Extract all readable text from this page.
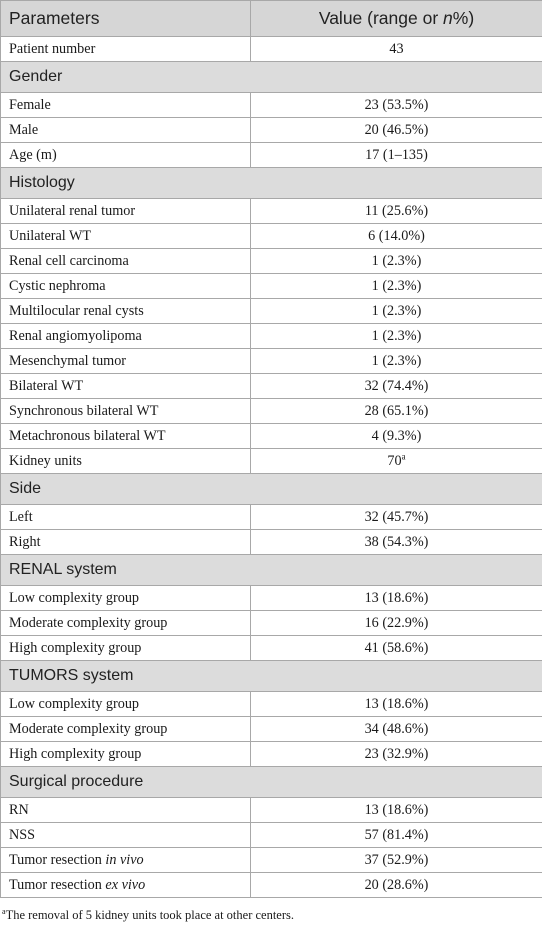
Parameters	Value (range or n%)
Patient number	43
Gender	
Female	23 (53.5%)
Male	20 (46.5%)
Age (m)	17 (1–135)
Histology	
Unilateral renal tumor	11 (25.6%)
Unilateral WT	6 (14.0%)
Renal cell carcinoma	1 (2.3%)
Cystic nephroma	1 (2.3%)
Multilocular renal cysts	1 (2.3%)
Renal angiomyolipoma	1 (2.3%)
Mesenchymal tumor	1 (2.3%)
Bilateral WT	32 (74.4%)
Synchronous bilateral WT	28 (65.1%)
Metachronous bilateral WT	4 (9.3%)
Kidney units	70$^a$
Side	
Left	32 (45.7%)
Right	38 (54.3%)
RENAL system	
Low complexity group	13 (18.6%)
Moderate complexity group	16 (22.9%)
High complexity group	41 (58.6%)
TUMORS system	
Low complexity group	13 (18.6%)
Moderate complexity group	34 (48.6%)
High complexity group	23 (32.9%)
Surgical procedure	
RN	13 (18.6%)
NSS	57 (81.4%)
Tumor resection in vivo	37 (52.9%)
Tumor resection ex vivo	20 (28.6%)
$^a$The removal of 5 kidney units took place at other centers.
